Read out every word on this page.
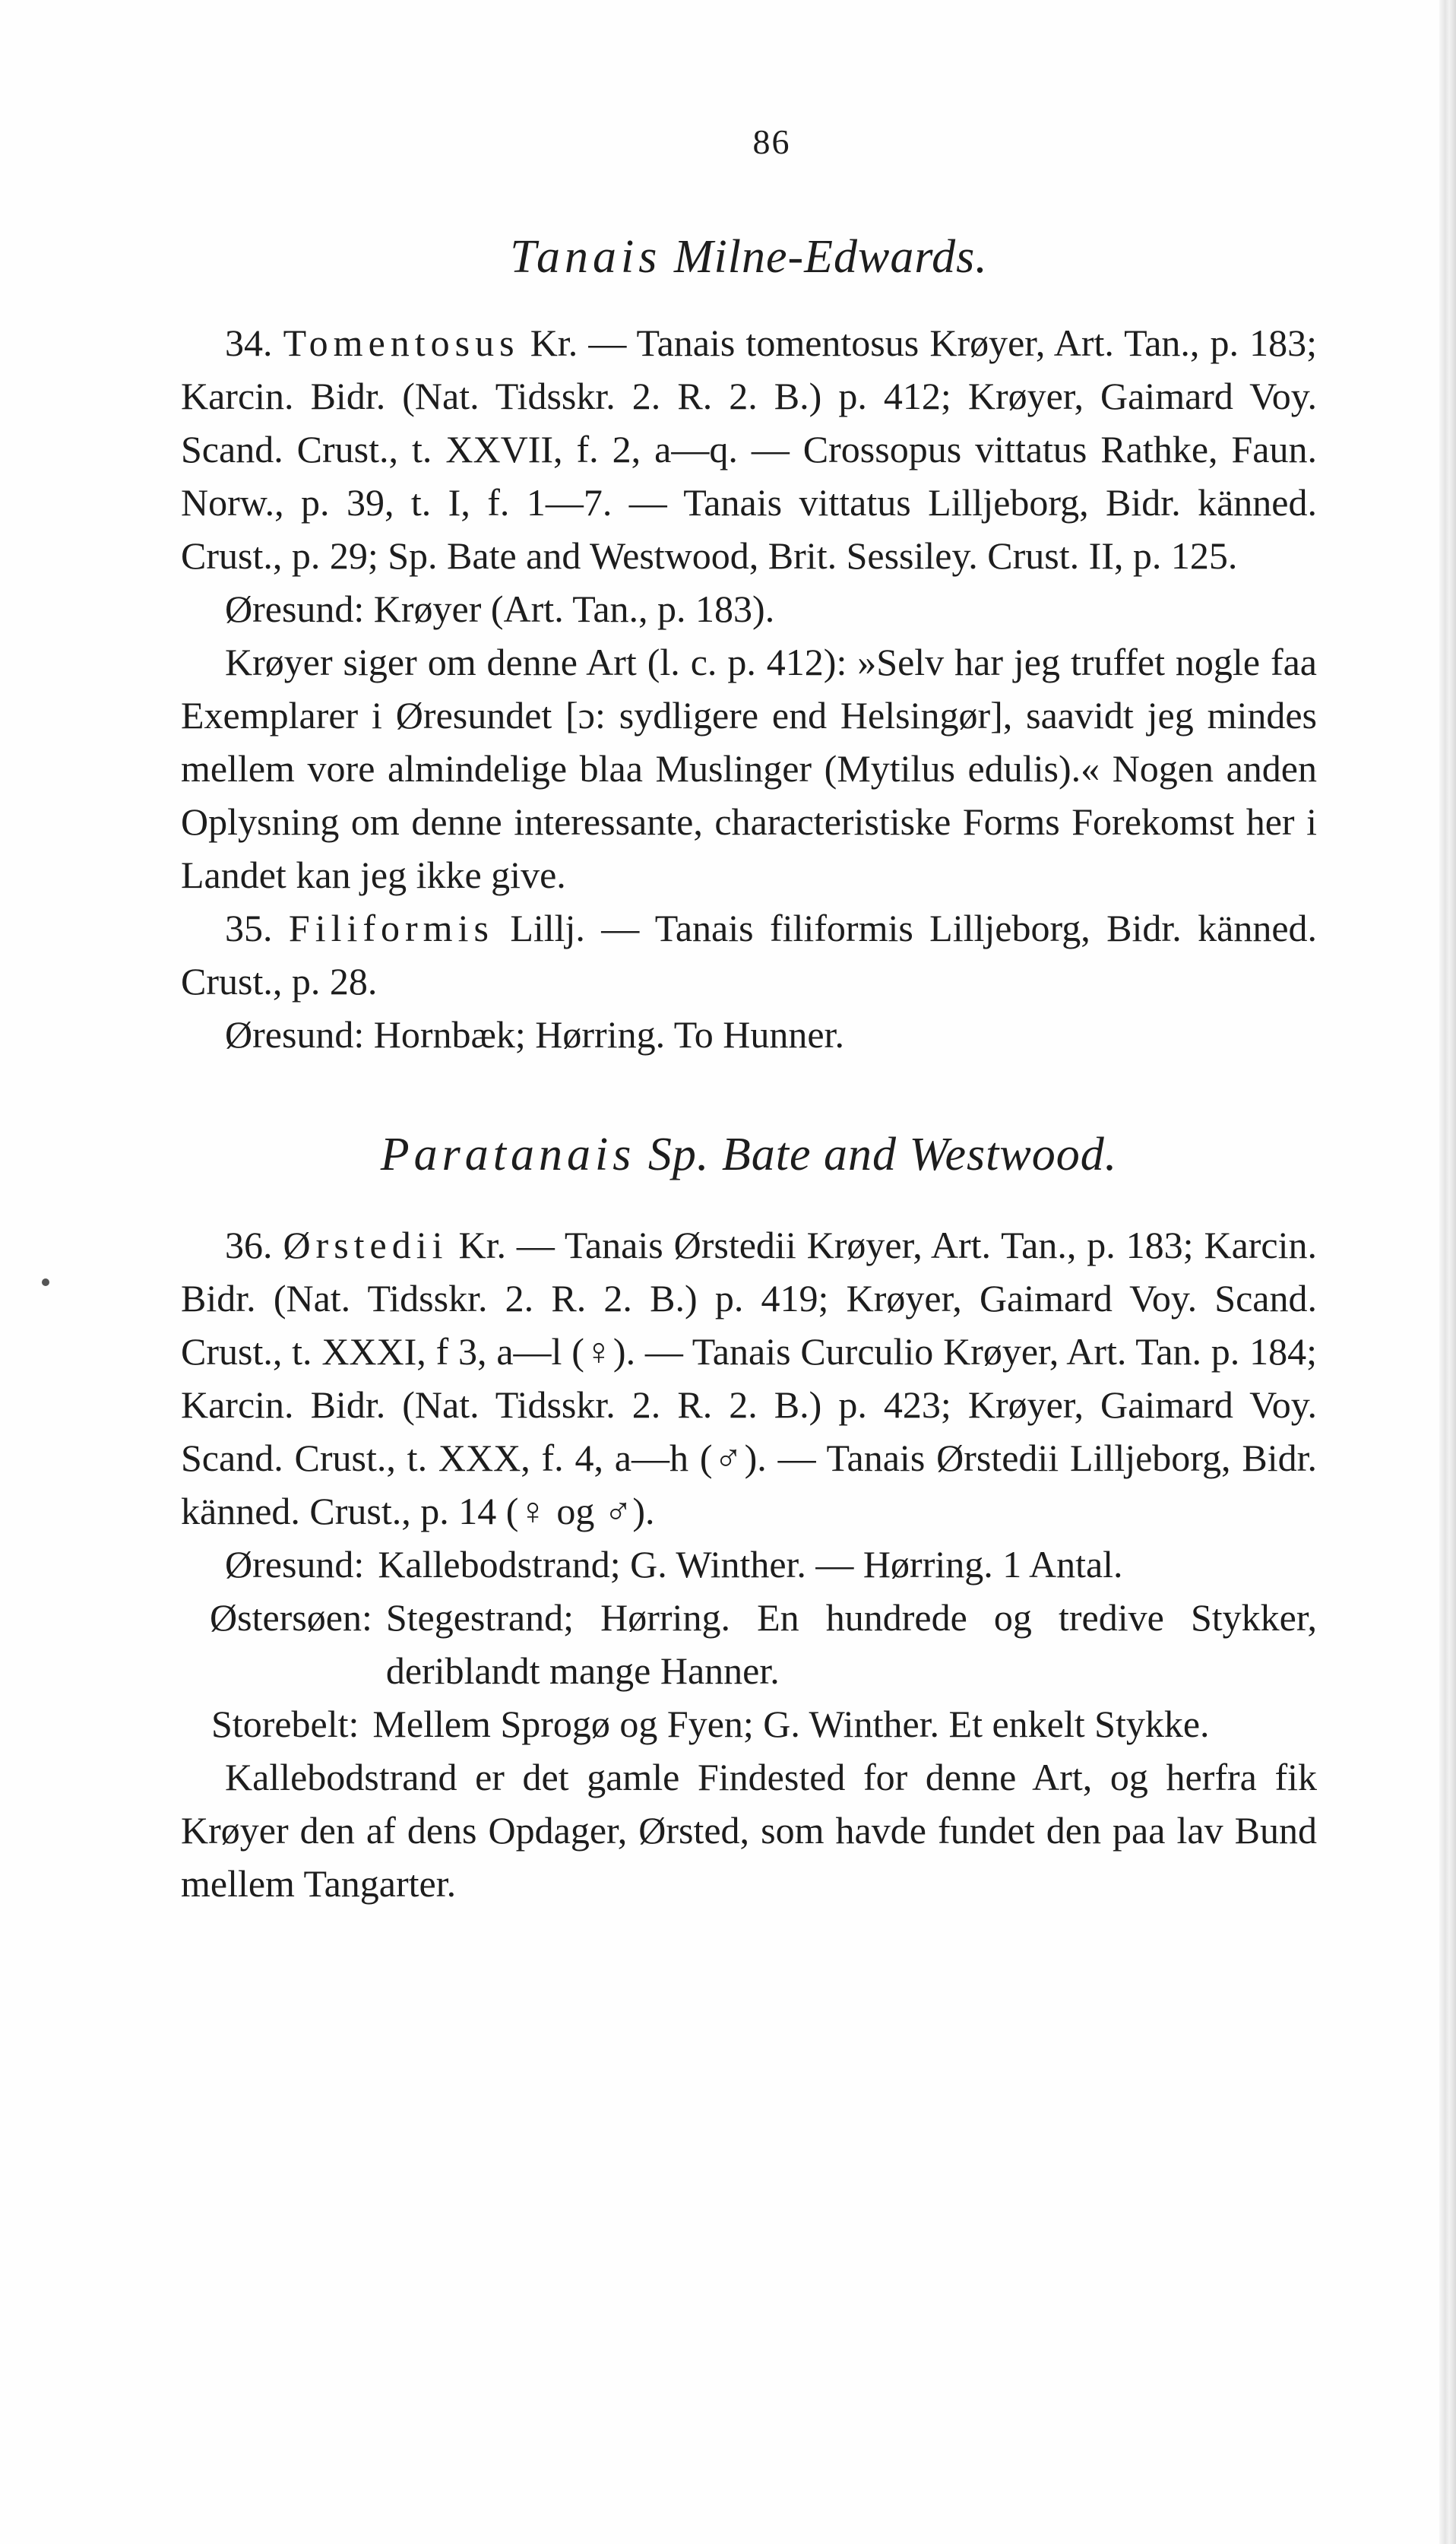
86
Tanais Milne-Edwards.

34. Tomentosus Kr. — Tanais tomentosus Krøyer, Art. Tan., p. 183; Karcin. Bidr. (Nat. Tidsskr. 2. R. 2. B.) p. 412; Krøyer, Gaimard Voy. Scand. Crust., t. XXVII, f. 2, a—q. — Crossopus vittatus Rathke, Faun. Norw., p. 39, t. I, f. 1—7. — Tanais vittatus Lilljeborg, Bidr. känned. Crust., p. 29; Sp. Bate and Westwood, Brit. Sessiley. Crust. II, p. 125.

Øresund: Krøyer (Art. Tan., p. 183).

Krøyer siger om denne Art (l. c. p. 412): »Selv har jeg truffet nogle faa Exemplarer i Øresundet [ɔ: sydligere end Helsingør], saavidt jeg mindes mellem vore almindelige blaa Muslinger (Mytilus edulis).« Nogen anden Oplysning om denne interessante, characteristiske Forms Forekomst her i Landet kan jeg ikke give.

35. Filiformis Lillj. — Tanais filiformis Lilljeborg, Bidr. känned. Crust., p. 28.

Øresund: Hornbæk; Hørring. To Hunner.

Paratanais Sp. Bate and Westwood.

36. Ørstedii Kr. — Tanais Ørstedii Krøyer, Art. Tan., p. 183; Karcin. Bidr. (Nat. Tidsskr. 2. R. 2. B.) p. 419; Krøyer, Gaimard Voy. Scand. Crust., t. XXXI, f 3, a—l (♀). — Tanais Curculio Krøyer, Art. Tan. p. 184; Karcin. Bidr. (Nat. Tidsskr. 2. R. 2. B.) p. 423; Krøyer, Gaimard Voy. Scand. Crust., t. XXX, f. 4, a—h (♂). — Tanais Ørstedii Lilljeborg, Bidr. känned. Crust., p. 14 (♀ og ♂).

Øresund: Kallebodstrand; G. Winther. — Hørring. 1 Antal.
Østersøen: Stegestrand; Hørring. En hundrede og tredive Stykker, deriblandt mange Hanner.
Storebelt: Mellem Sprogø og Fyen; G. Winther. Et enkelt Stykke.

Kallebodstrand er det gamle Findested for denne Art, og herfra fik Krøyer den af dens Opdager, Ørsted, som havde fundet den paa lav Bund mellem Tangarter.
